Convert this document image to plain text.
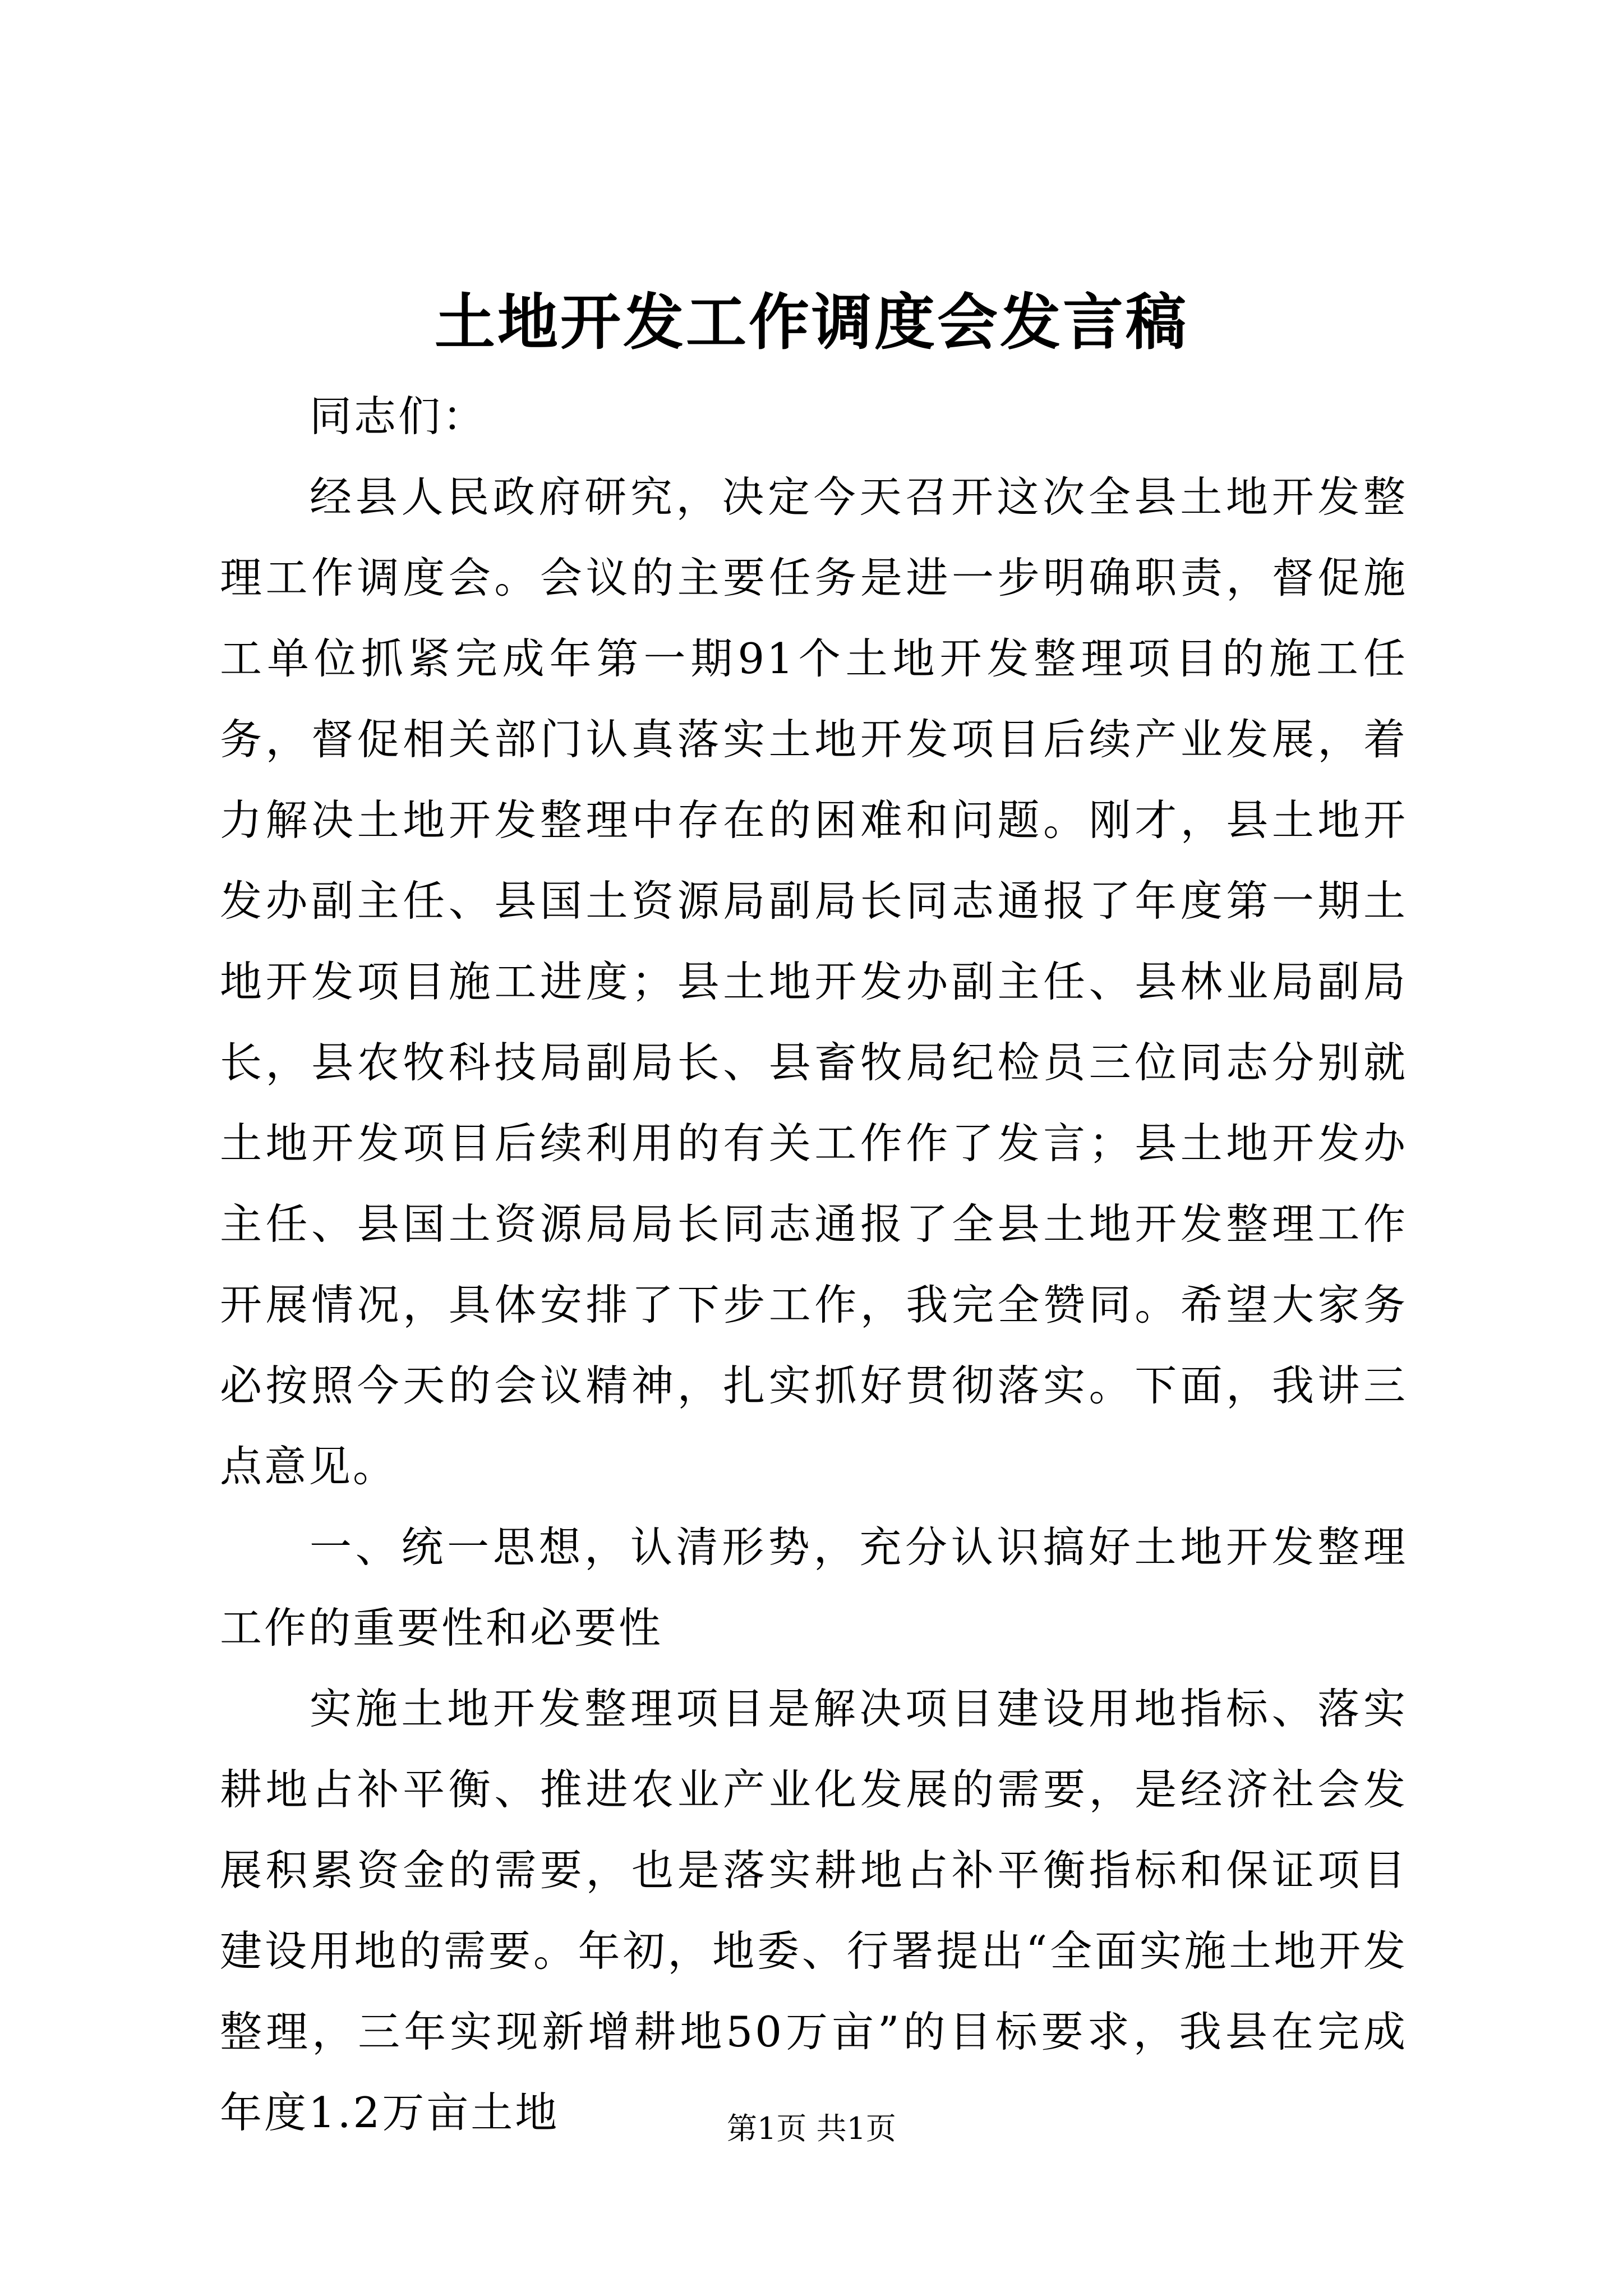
土地开发工作调度会发言稿

同志们：

经县人民政府研究，决定今天召开这次全县土地开发整理工作调度会。会议的主要任务是进一步明确职责，督促施工单位抓紧完成年第一期91个土地开发整理项目的施工任务，督促相关部门认真落实土地开发项目后续产业发展，着力解决土地开发整理中存在的困难和问题。刚才，县土地开发办副主任、县国土资源局副局长同志通报了年度第一期土地开发项目施工进度；县土地开发办副主任、县林业局副局长，县农牧科技局副局长、县畜牧局纪检员三位同志分别就土地开发项目后续利用的有关工作作了发言；县土地开发办主任、县国土资源局局长同志通报了全县土地开发整理工作开展情况，具体安排了下步工作，我完全赞同。希望大家务必按照今天的会议精神，扎实抓好贯彻落实。下面，我讲三点意见。

一、统一思想，认清形势，充分认识搞好土地开发整理工作的重要性和必要性

实施土地开发整理项目是解决项目建设用地指标、落实耕地占补平衡、推进农业产业化发展的需要，是经济社会发展积累资金的需要，也是落实耕地占补平衡指标和保证项目建设用地的需要。年初，地委、行署提出“全面实施土地开发整理，三年实现新增耕地50万亩”的目标要求，我县在完成年度1.2万亩土地	第1页 共1页
